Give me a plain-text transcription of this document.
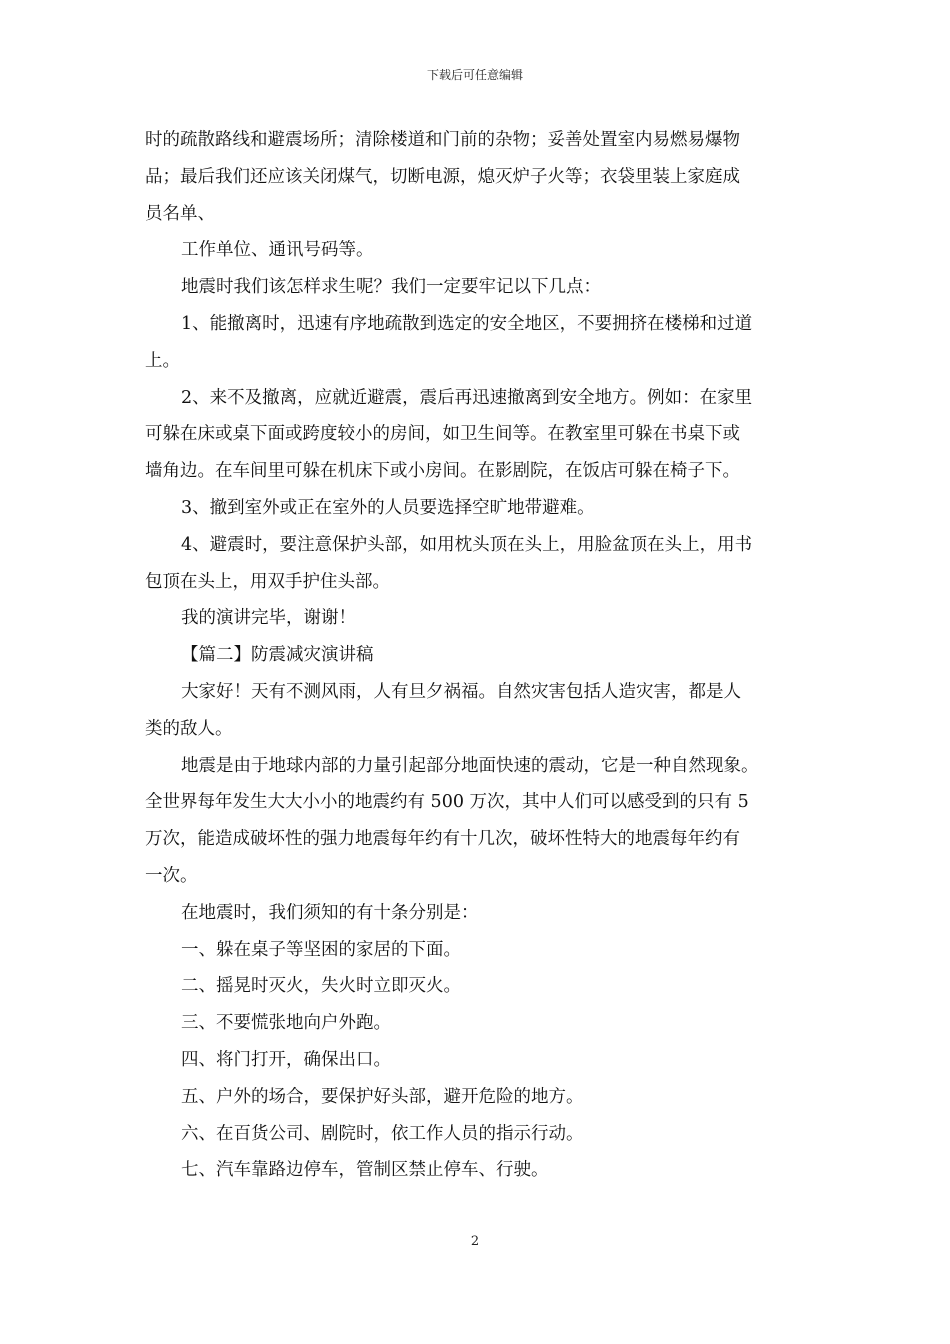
下载后可任意编辑

时的疏散路线和避震场所；清除楼道和门前的杂物；妥善处置室内易燃易爆物

品；最后我们还应该关闭煤气，切断电源，熄灭炉子火等；衣袋里装上家庭成

员名单、

工作单位、通讯号码等。

地震时我们该怎样求生呢？我们一定要牢记以下几点：

1、能撤离时，迅速有序地疏散到选定的安全地区，不要拥挤在楼梯和过道

上。

2、来不及撤离，应就近避震，震后再迅速撤离到安全地方。例如：在家里

可躲在床或桌下面或跨度较小的房间，如卫生间等。在教室里可躲在书桌下或

墙角边。在车间里可躲在机床下或小房间。在影剧院，在饭店可躲在椅子下。

3、撤到室外或正在室外的人员要选择空旷地带避难。

4、避震时，要注意保护头部，如用枕头顶在头上，用脸盆顶在头上，用书

包顶在头上，用双手护住头部。

我的演讲完毕，谢谢！

【篇二】防震减灾演讲稿

大家好！天有不测风雨，人有旦夕祸福。自然灾害包括人造灾害，都是人

类的敌人。

地震是由于地球内部的力量引起部分地面快速的震动，它是一种自然现象。

全世界每年发生大大小小的地震约有 500 万次，其中人们可以感受到的只有 5

万次，能造成破坏性的强力地震每年约有十几次，破坏性特大的地震每年约有

一次。

在地震时，我们须知的有十条分别是：

一、躲在桌子等坚困的家居的下面。

二、摇晃时灭火，失火时立即灭火。

三、不要慌张地向户外跑。

四、将门打开，确保出口。

五、户外的场合，要保护好头部，避开危险的地方。

六、在百货公司、剧院时，依工作人员的指示行动。

七、汽车靠路边停车，管制区禁止停车、行驶。

2
